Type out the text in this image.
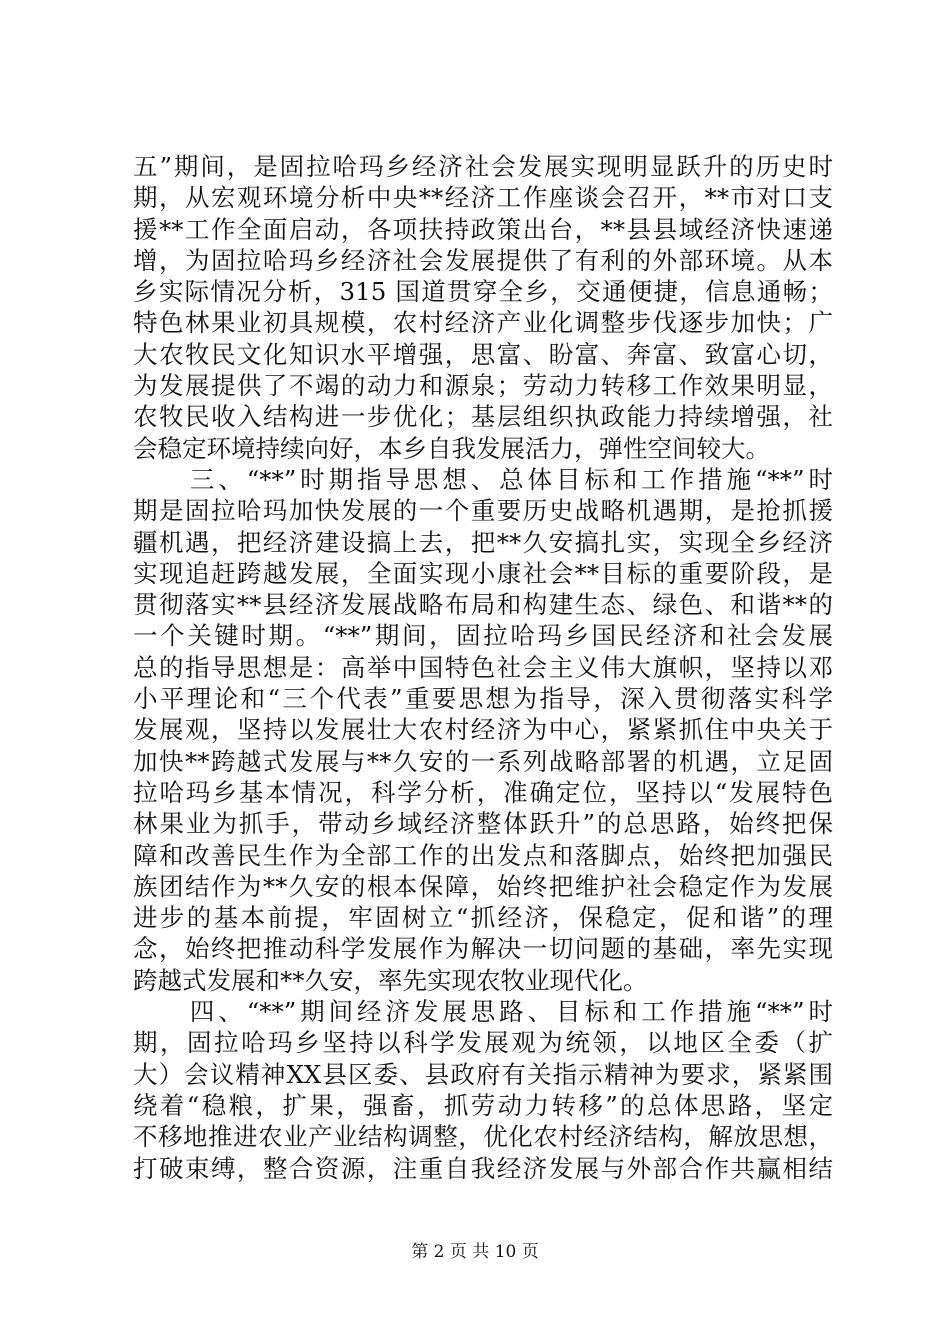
五”期间，是固拉哈玛乡经济社会发展实现明显跃升的历史时
期，从宏观环境分析中央**经济工作座谈会召开，**市对口支
援**工作全面启动，各项扶持政策出台，**县县域经济快速递
增，为固拉哈玛乡经济社会发展提供了有利的外部环境。从本
乡实际情况分析，315 国道贯穿全乡，交通便捷，信息通畅；
特色林果业初具规模，农村经济产业化调整步伐逐步加快；广
大农牧民文化知识水平增强，思富、盼富、奔富、致富心切，
为发展提供了不竭的动力和源泉；劳动力转移工作效果明显，
农牧民收入结构进一步优化；基层组织执政能力持续增强，社
会稳定环境持续向好，本乡自我发展活力，弹性空间较大。
　　三、“**”时期指导思想、总体目标和工作措施“**”时
期是固拉哈玛加快发展的一个重要历史战略机遇期，是抢抓援
疆机遇，把经济建设搞上去，把**久安搞扎实，实现全乡经济
实现追赶跨越发展，全面实现小康社会**目标的重要阶段，是
贯彻落实**县经济发展战略布局和构建生态、绿色、和谐**的
一个关键时期。“**”期间，固拉哈玛乡国民经济和社会发展
总的指导思想是：高举中国特色社会主义伟大旗帜，坚持以邓
小平理论和“三个代表”重要思想为指导，深入贯彻落实科学
发展观，坚持以发展壮大农村经济为中心，紧紧抓住中央关于
加快**跨越式发展与**久安的一系列战略部署的机遇，立足固
拉哈玛乡基本情况，科学分析，准确定位，坚持以“发展特色
林果业为抓手，带动乡域经济整体跃升”的总思路，始终把保
障和改善民生作为全部工作的出发点和落脚点，始终把加强民
族团结作为**久安的根本保障，始终把维护社会稳定作为发展
进步的基本前提，牢固树立“抓经济，保稳定，促和谐”的理
念，始终把推动科学发展作为解决一切问题的基础，率先实现
跨越式发展和**久安，率先实现农牧业现代化。
　　四、“**”期间经济发展思路、目标和工作措施“**”时
期，固拉哈玛乡坚持以科学发展观为统领，以地区全委（扩
大）会议精神XX县区委、县政府有关指示精神为要求，紧紧围
绕着“稳粮，扩果，强畜，抓劳动力转移”的总体思路，坚定
不移地推进农业产业结构调整，优化农村经济结构，解放思想，
打破束缚，整合资源，注重自我经济发展与外部合作共赢相结
第 2 页 共 10 页
